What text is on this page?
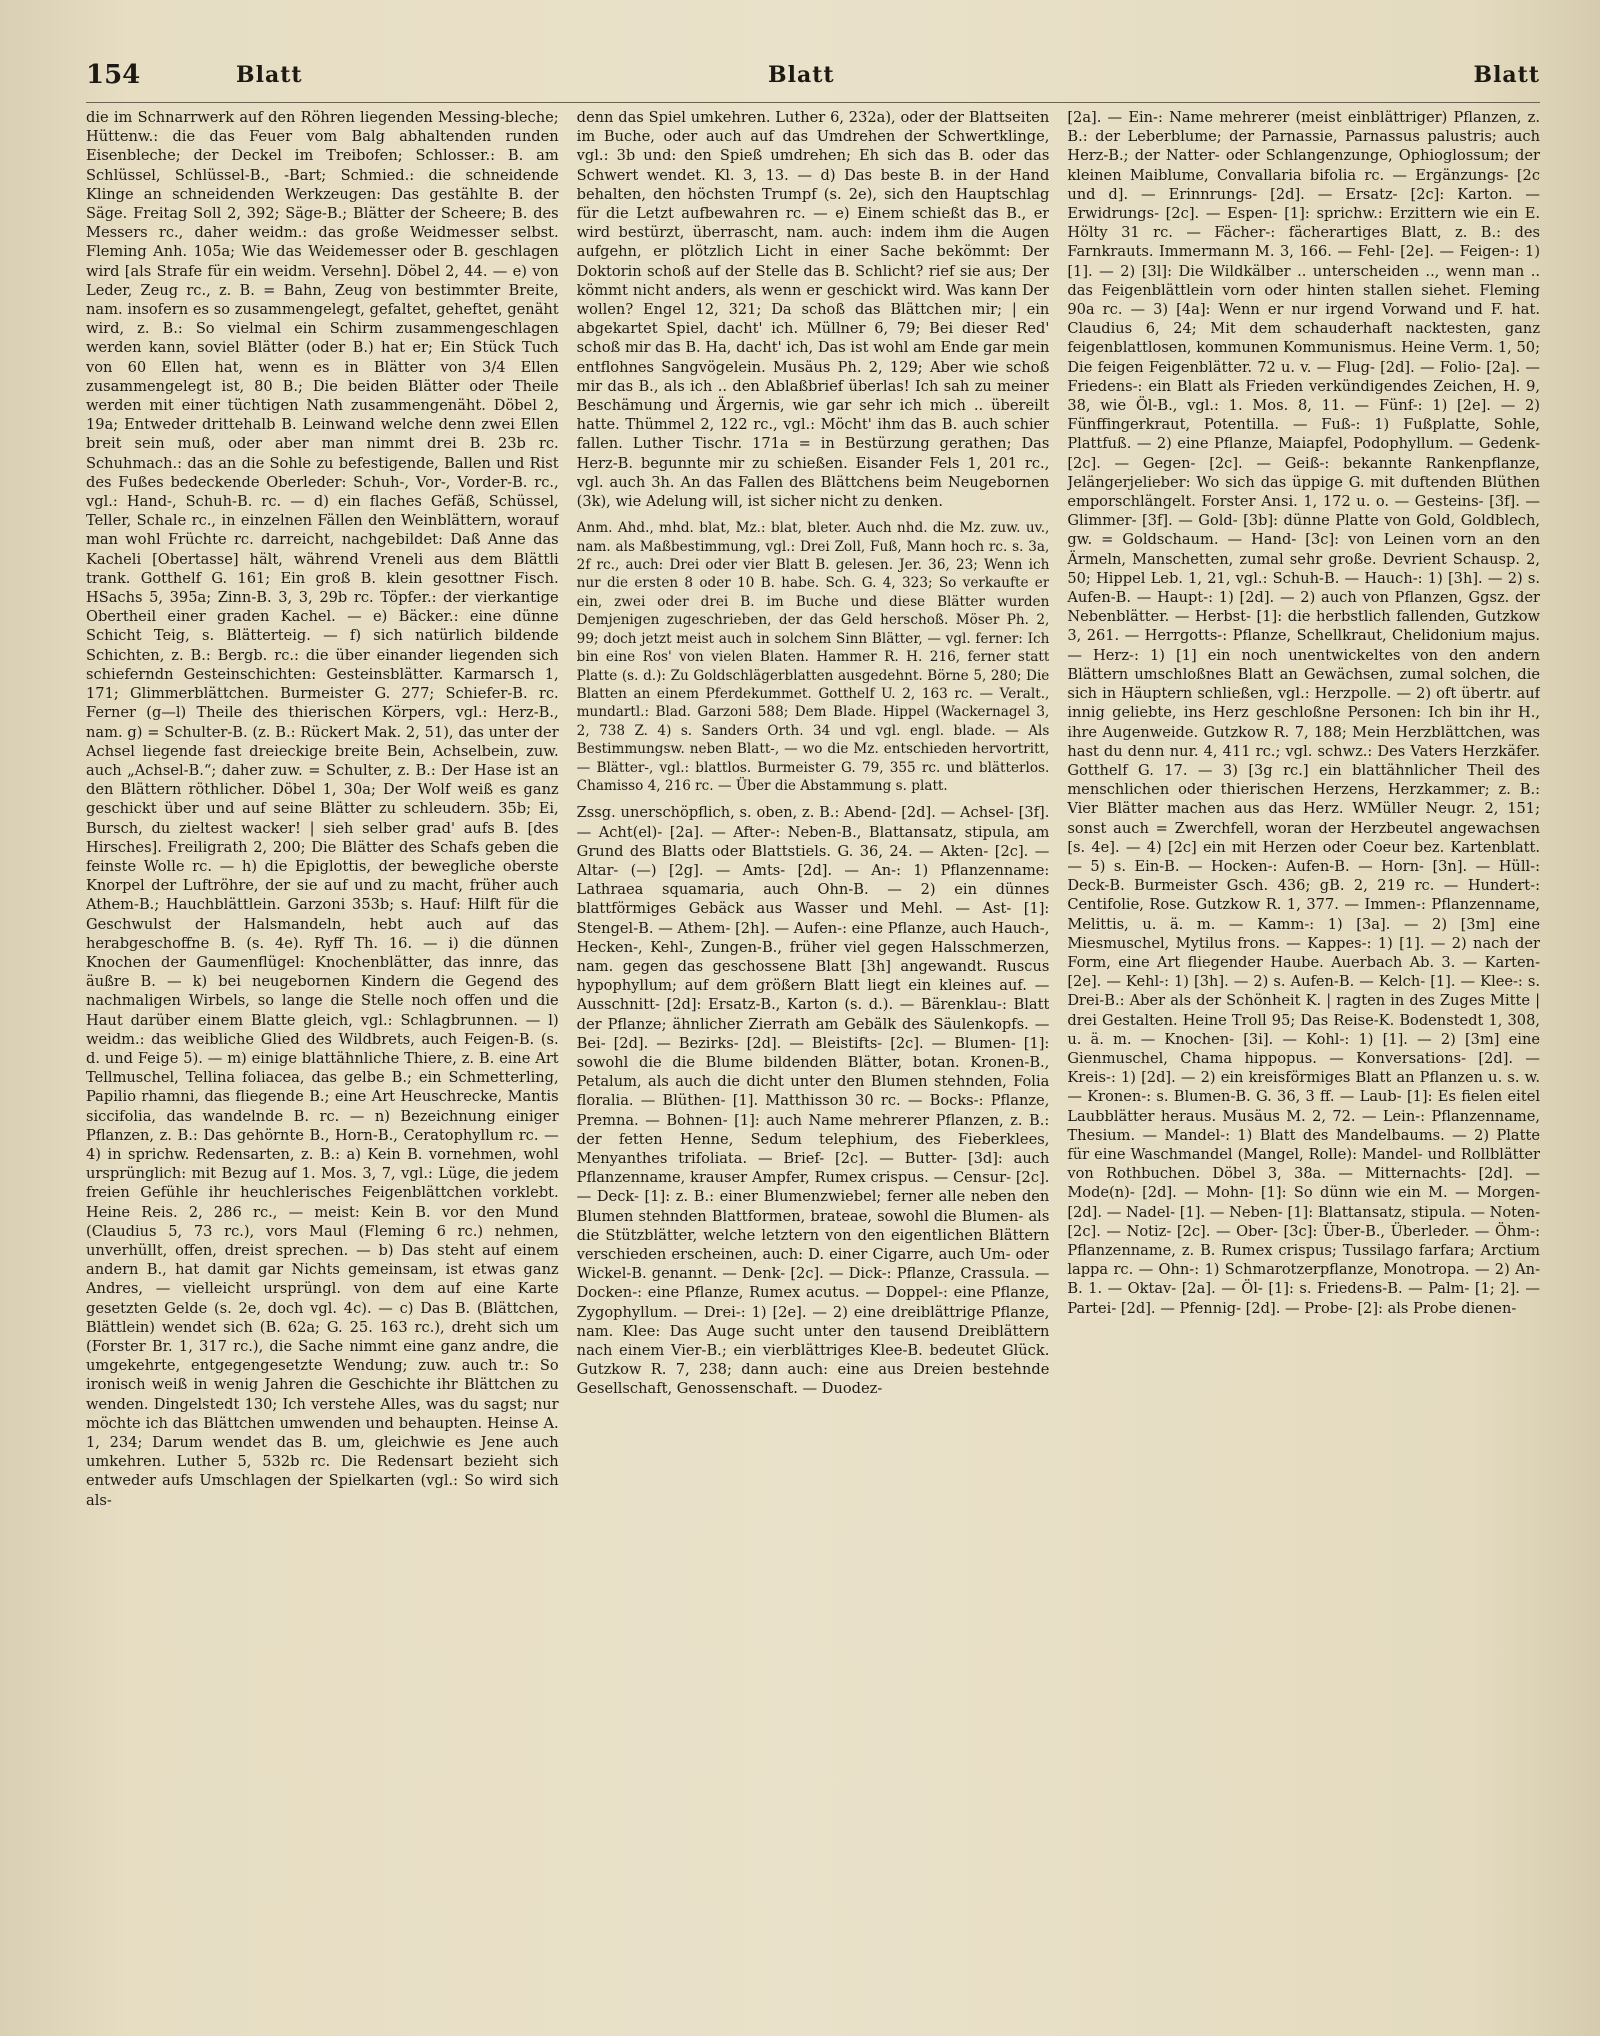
154	Blatt	Blatt	Blatt

die im Schnarrwerk auf den Röhren liegenden Messing-bleche; Hüttenw.: die das Feuer vom Balg abhaltenden runden Eisenbleche; der Deckel im Treibofen; Schlosser.: B. am Schlüssel, Schlüssel-B., -Bart; Schmied.: die schneidende Klinge an schneidenden Werkzeugen: Das gestählte B. der Säge. Freitag Soll 2, 392; Säge-B.; Blätter der Scheere; B. des Messers rc., daher weidm.: das große Weidmesser selbst. Fleming Anh. 105a; Wie das Weidemesser oder B. geschlagen wird [als Strafe für ein weidm. Versehn]. Döbel 2, 44. — e) von Leder, Zeug rc., z. B. = Bahn, Zeug von bestimmter Breite, nam. insofern es so zusammengelegt, gefaltet, geheftet, genäht wird, z. B.: So vielmal ein Schirm zusammengeschlagen werden kann, soviel Blätter (oder B.) hat er; Ein Stück Tuch von 60 Ellen hat, wenn es in Blätter von 3/4 Ellen zusammengelegt ist, 80 B.; Die beiden Blätter oder Theile werden mit einer tüchtigen Nath zusammengenäht. Döbel 2, 19a; Entweder drittehalb B. Leinwand welche denn zwei Ellen breit sein muß, oder aber man nimmt drei B. 23b rc. Schuhmach.: das an die Sohle zu befestigende, Ballen und Rist des Fußes bedeckende Oberleder: Schuh-, Vor-, Vorder-B. rc., vgl.: Hand-, Schuh-B. rc. — d) ein flaches Gefäß, Schüssel, Teller, Schale rc., in einzelnen Fällen den Weinblättern, worauf man wohl Früchte rc. darreicht, nachgebildet: Daß Anne das Kacheli [Obertasse] hält, während Vreneli aus dem Blättli trank. Gotthelf G. 161; Ein groß B. klein gesottner Fisch. HSachs 5, 395a; Zinn-B. 3, 3, 29b rc. Töpfer.: der vierkantige Obertheil einer graden Kachel. — e) Bäcker.: eine dünne Schicht Teig, s. Blätterteig. — f) sich natürlich bildende Schichten, z. B.: Bergb. rc.: die über einander liegenden sich schieferndn Gesteinschichten: Gesteinsblätter. Karmarsch 1, 171; Glimmerblättchen. Burmeister G. 277; Schiefer-B. rc. Ferner (g—l) Theile des thierischen Körpers, vgl.: Herz-B., nam. g) = Schulter-B. (z. B.: Rückert Mak. 2, 51), das unter der Achsel liegende fast dreieckige breite Bein, Achselbein, zuw. auch „Achsel-B.“; daher zuw. = Schulter, z. B.: Der Hase ist an den Blättern röthlicher. Döbel 1, 30a; Der Wolf weiß es ganz geschickt über und auf seine Blätter zu schleudern. 35b; Ei, Bursch, du zieltest wacker! | sieh selber grad' aufs B. [des Hirsches]. Freiligrath 2, 200; Die Blätter des Schafs geben die feinste Wolle rc. — h) die Epiglottis, der bewegliche oberste Knorpel der Luftröhre, der sie auf und zu macht, früher auch Athem-B.; Hauchblättlein. Garzoni 353b; s. Hauf: Hilft für die Geschwulst der Halsmandeln, hebt auch auf das herabgeschoffne B. (s. 4e). Ryff Th. 16. — i) die dünnen Knochen der Gaumenflügel: Knochenblätter, das innre, das äußre B. — k) bei neugebornen Kindern die Gegend des nachmaligen Wirbels, so lange die Stelle noch offen und die Haut darüber einem Blatte gleich, vgl.: Schlagbrunnen. — l) weidm.: das weibliche Glied des Wildbrets, auch Feigen-B. (s. d. und Feige 5). — m) einige blattähnliche Thiere, z. B. eine Art Tellmuschel, Tellina foliacea, das gelbe B.; ein Schmetterling, Papilio rhamni, das fliegende B.; eine Art Heuschrecke, Mantis siccifolia, das wandelnde B. rc. — n) Bezeichnung einiger Pflanzen, z. B.: Das gehörnte B., Horn-B., Ceratophyllum rc. — 4) in sprichw. Redensarten, z. B.: a) Kein B. vornehmen, wohl ursprünglich: mit Bezug auf 1. Mos. 3, 7, vgl.: Lüge, die jedem freien Gefühle ihr heuchlerisches Feigenblättchen vorklebt. Heine Reis. 2, 286 rc., — meist: Kein B. vor den Mund (Claudius 5, 73 rc.), vors Maul (Fleming 6 rc.) nehmen, unverhüllt, offen, dreist sprechen. — b) Das steht auf einem andern B., hat damit gar Nichts gemeinsam, ist etwas ganz Andres, — vielleicht ursprüngl. von dem auf eine Karte gesetzten Gelde (s. 2e, doch vgl. 4c). — c) Das B. (Blättchen, Blättlein) wendet sich (B. 62a; G. 25. 163 rc.), dreht sich um (Forster Br. 1, 317 rc.), die Sache nimmt eine ganz andre, die umgekehrte, entgegengesetzte Wendung; zuw. auch tr.: So ironisch weiß in wenig Jahren die Geschichte ihr Blättchen zu wenden. Dingelstedt 130; Ich verstehe Alles, was du sagst; nur möchte ich das Blättchen umwenden und behaupten. Heinse A. 1, 234; Darum wendet das B. um, gleichwie es Jene auch umkehren. Luther 5, 532b rc. Die Redensart bezieht sich entweder aufs Umschlagen der Spielkarten (vgl.: So wird sich als-

denn das Spiel umkehren. Luther 6, 232a), oder der Blattseiten im Buche, oder auch auf das Umdrehen der Schwertklinge, vgl.: 3b und: den Spieß umdrehen; Eh sich das B. oder das Schwert wendet. Kl. 3, 13. — d) Das beste B. in der Hand behalten, den höchsten Trumpf (s. 2e), sich den Hauptschlag für die Letzt aufbewahren rc. — e) Einem schießt das B., er wird bestürzt, überrascht, nam. auch: indem ihm die Augen aufgehn, er plötzlich Licht in einer Sache bekömmt: Der Doktorin schoß auf der Stelle das B. Schlicht? rief sie aus; Der kömmt nicht anders, als wenn er geschickt wird. Was kann Der wollen? Engel 12, 321; Da schoß das Blättchen mir; | ein abgekartet Spiel, dacht' ich. Müllner 6, 79; Bei dieser Red' schoß mir das B. Ha, dacht' ich, Das ist wohl am Ende gar mein entflohnes Sangvögelein. Musäus Ph. 2, 129; Aber wie schoß mir das B., als ich .. den Ablaßbrief überlas! Ich sah zu meiner Beschämung und Ärgernis, wie gar sehr ich mich .. übereilt hatte. Thümmel 2, 122 rc., vgl.: Möcht' ihm das B. auch schier fallen. Luther Tischr. 171a = in Bestürzung gerathen; Das Herz-B. begunnte mir zu schießen. Eisander Fels 1, 201 rc., vgl. auch 3h. An das Fallen des Blättchens beim Neugebornen (3k), wie Adelung will, ist sicher nicht zu denken.

Anm. Ahd., mhd. blat, Mz.: blat, bleter. Auch nhd. die Mz. zuw. uv., nam. als Maßbestimmung, vgl.: Drei Zoll, Fuß, Mann hoch rc. s. 3a, 2f rc., auch: Drei oder vier Blatt B. gelesen. Jer. 36, 23; Wenn ich nur die ersten 8 oder 10 B. habe. Sch. G. 4, 323; So verkaufte er ein, zwei oder drei B. im Buche und diese Blätter wurden Demjenigen zugeschrieben, der das Geld herschoß. Möser Ph. 2, 99; doch jetzt meist auch in solchem Sinn Blätter, — vgl. ferner: Ich bin eine Ros' von vielen Blaten. Hammer R. H. 216, ferner statt Platte (s. d.): Zu Goldschlägerblatten ausgedehnt. Börne 5, 280; Die Blatten an einem Pferdekummet. Gotthelf U. 2, 163 rc. — Veralt., mundartl.: Blad. Garzoni 588; Dem Blade. Hippel (Wackernagel 3, 2, 738 Z. 4) s. Sanders Orth. 34 und vgl. engl. blade. — Als Bestimmungsw. neben Blatt-, — wo die Mz. entschieden hervortritt, — Blätter-, vgl.: blattlos. Burmeister G. 79, 355 rc. und blätterlos. Chamisso 4, 216 rc. — Über die Abstammung s. platt.

Zssg. unerschöpflich, s. oben, z. B.: Abend- [2d]. — Achsel- [3f]. — Acht(el)- [2a]. — After-: Neben-B., Blattansatz, stipula, am Grund des Blatts oder Blattstiels. G. 36, 24. — Akten- [2c]. — Altar- (—) [2g]. — Amts- [2d]. — An-: 1) Pflanzenname: Lathraea squamaria, auch Ohn-B. — 2) ein dünnes blattförmiges Gebäck aus Wasser und Mehl. — Ast- [1]: Stengel-B. — Athem- [2h]. — Aufen-: eine Pflanze, auch Hauch-, Hecken-, Kehl-, Zungen-B., früher viel gegen Halsschmerzen, nam. gegen das geschossene Blatt [3h] angewandt. Ruscus hypophyllum; auf dem größern Blatt liegt ein kleines auf. — Ausschnitt- [2d]: Ersatz-B., Karton (s. d.). — Bärenklau-: Blatt der Pflanze; ähnlicher Zierrath am Gebälk des Säulenkopfs. — Bei- [2d]. — Bezirks- [2d]. — Bleistifts- [2c]. — Blumen- [1]: sowohl die die Blume bildenden Blätter, botan. Kronen-B., Petalum, als auch die dicht unter den Blumen stehnden, Folia floralia. — Blüthen- [1]. Matthisson 30 rc. — Bocks-: Pflanze, Premna. — Bohnen- [1]: auch Name mehrerer Pflanzen, z. B.: der fetten Henne, Sedum telephium, des Fieberklees, Menyanthes trifoliata. — Brief- [2c]. — Butter- [3d]: auch Pflanzenname, krauser Ampfer, Rumex crispus. — Censur- [2c]. — Deck- [1]: z. B.: einer Blumenzwiebel; ferner alle neben den Blumen stehnden Blattformen, brateae, sowohl die Blumen- als die Stützblätter, welche letztern von den eigentlichen Blättern verschieden erscheinen, auch: D. einer Cigarre, auch Um- oder Wickel-B. genannt. — Denk- [2c]. — Dick-: Pflanze, Crassula. — Docken-: eine Pflanze, Rumex acutus. — Doppel-: eine Pflanze, Zygophyllum. — Drei-: 1) [2e]. — 2) eine dreiblättrige Pflanze, nam. Klee: Das Auge sucht unter den tausend Dreiblättern nach einem Vier-B.; ein vierblättriges Klee-B. bedeutet Glück. Gutzkow R. 7, 238; dann auch: eine aus Dreien bestehnde Gesellschaft, Genossenschaft. — Duodez-

[2a]. — Ein-: Name mehrerer (meist einblättriger) Pflanzen, z. B.: der Leberblume; der Parnassie, Parnassus palustris; auch Herz-B.; der Natter- oder Schlangenzunge, Ophioglossum; der kleinen Maiblume, Convallaria bifolia rc. — Ergänzungs- [2c und d]. — Erinnrungs- [2d]. — Ersatz- [2c]: Karton. — Erwidrungs- [2c]. — Espen- [1]: sprichw.: Erzittern wie ein E. Hölty 31 rc. — Fächer-: fächerartiges Blatt, z. B.: des Farnkrauts. Immermann M. 3, 166. — Fehl- [2e]. — Feigen-: 1) [1]. — 2) [3l]: Die Wildkälber .. unterscheiden .., wenn man .. das Feigenblättlein vorn oder hinten stallen siehet. Fleming 90a rc. — 3) [4a]: Wenn er nur irgend Vorwand und F. hat. Claudius 6, 24; Mit dem schauderhaft nacktesten, ganz feigenblattlosen, kommunen Kommunismus. Heine Verm. 1, 50; Die feigen Feigenblätter. 72 u. v. — Flug- [2d]. — Folio- [2a]. — Friedens-: ein Blatt als Frieden verkündigendes Zeichen, H. 9, 38, wie Öl-B., vgl.: 1. Mos. 8, 11. — Fünf-: 1) [2e]. — 2) Fünffingerkraut, Potentilla. — Fuß-: 1) Fußplatte, Sohle, Plattfuß. — 2) eine Pflanze, Maiapfel, Podophyllum. — Gedenk- [2c]. — Gegen- [2c]. — Geiß-: bekannte Rankenpflanze, Jelängerjelieber: Wo sich das üppige G. mit duftenden Blüthen emporschlängelt. Forster Ansi. 1, 172 u. o. — Gesteins- [3f]. — Glimmer- [3f]. — Gold- [3b]: dünne Platte von Gold, Goldblech, gw. = Goldschaum. — Hand- [3c]: von Leinen vorn an den Ärmeln, Manschetten, zumal sehr große. Devrient Schausp. 2, 50; Hippel Leb. 1, 21, vgl.: Schuh-B. — Hauch-: 1) [3h]. — 2) s. Aufen-B. — Haupt-: 1) [2d]. — 2) auch von Pflanzen, Ggsz. der Nebenblätter. — Herbst- [1]: die herbstlich fallenden, Gutzkow 3, 261. — Herrgotts-: Pflanze, Schellkraut, Chelidonium majus. — Herz-: 1) [1] ein noch unentwickeltes von den andern Blättern umschloßnes Blatt an Gewächsen, zumal solchen, die sich in Häuptern schließen, vgl.: Herzpolle. — 2) oft übertr. auf innig geliebte, ins Herz geschloßne Personen: Ich bin ihr H., ihre Augenweide. Gutzkow R. 7, 188; Mein Herzblättchen, was hast du denn nur. 4, 411 rc.; vgl. schwz.: Des Vaters Herzkäfer. Gotthelf G. 17. — 3) [3g rc.] ein blattähnlicher Theil des menschlichen oder thierischen Herzens, Herzkammer; z. B.: Vier Blätter machen aus das Herz. WMüller Neugr. 2, 151; sonst auch = Zwerchfell, woran der Herzbeutel angewachsen [s. 4e]. — 4) [2c] ein mit Herzen oder Coeur bez. Kartenblatt. — 5) s. Ein-B. — Hocken-: Aufen-B. — Horn- [3n]. — Hüll-: Deck-B. Burmeister Gsch. 436; gB. 2, 219 rc. — Hundert-: Centifolie, Rose. Gutzkow R. 1, 377. — Immen-: Pflanzenname, Melittis, u. ä. m. — Kamm-: 1) [3a]. — 2) [3m] eine Miesmuschel, Mytilus frons. — Kappes-: 1) [1]. — 2) nach der Form, eine Art fliegender Haube. Auerbach Ab. 3. — Karten- [2e]. — Kehl-: 1) [3h]. — 2) s. Aufen-B. — Kelch- [1]. — Klee-: s. Drei-B.: Aber als der Schönheit K. | ragten in des Zuges Mitte | drei Gestalten. Heine Troll 95; Das Reise-K. Bodenstedt 1, 308, u. ä. m. — Knochen- [3i]. — Kohl-: 1) [1]. — 2) [3m] eine Gienmuschel, Chama hippopus. — Konversations- [2d]. — Kreis-: 1) [2d]. — 2) ein kreisförmiges Blatt an Pflanzen u. s. w. — Kronen-: s. Blumen-B. G. 36, 3 ff. — Laub- [1]: Es fielen eitel Laubblätter heraus. Musäus M. 2, 72. — Lein-: Pflanzenname, Thesium. — Mandel-: 1) Blatt des Mandelbaums. — 2) Platte für eine Waschmandel (Mangel, Rolle): Mandel- und Rollblätter von Rothbuchen. Döbel 3, 38a. — Mitternachts- [2d]. — Mode(n)- [2d]. — Mohn- [1]: So dünn wie ein M. — Morgen- [2d]. — Nadel- [1]. — Neben- [1]: Blattansatz, stipula. — Noten- [2c]. — Notiz- [2c]. — Ober- [3c]: Über-B., Überleder. — Öhm-: Pflanzenname, z. B. Rumex crispus; Tussilago farfara; Arctium lappa rc. — Ohn-: 1) Schmarotzerpflanze, Monotropa. — 2) An-B. 1. — Oktav- [2a]. — Öl- [1]: s. Friedens-B. — Palm- [1; 2]. — Partei- [2d]. — Pfennig- [2d]. — Probe- [2]: als Probe dienen-
